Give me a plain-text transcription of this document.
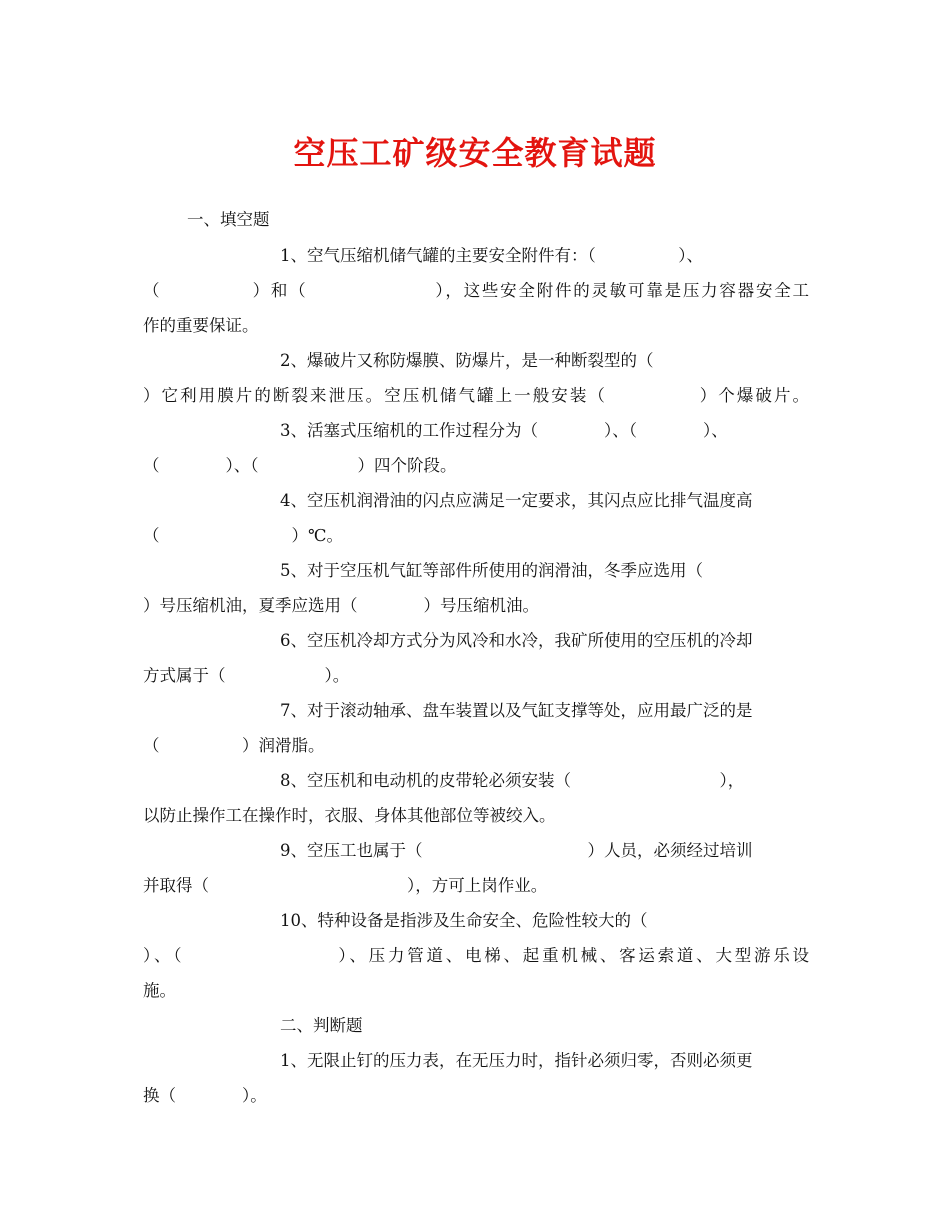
空压工矿级安全教育试题
一、填空题
1、空气压缩机储气罐的主要安全附件有：（　　　　　）、
（　　　　　）和（　　　　　　　），这些安全附件的灵敏可靠是压力容器安全工
作的重要保证。
2、爆破片又称防爆膜、防爆片，是一种断裂型的（
）它利用膜片的断裂来泄压。空压机储气罐上一般安装（　　　　　）个爆破片。
3、活塞式压缩机的工作过程分为（　　　　）、（　　　　）、
（　　　　）、（　　　　　　）四个阶段。
4、空压机润滑油的闪点应满足一定要求，其闪点应比排气温度高
（　　　　　　　　）℃。
5、对于空压机气缸等部件所使用的润滑油，冬季应选用（
）号压缩机油，夏季应选用（　　　　）号压缩机油。
6、空压机冷却方式分为风冷和水冷，我矿所使用的空压机的冷却
方式属于（　　　　　　）。
7、对于滚动轴承、盘车装置以及气缸支撑等处，应用最广泛的是
（　　　　　）润滑脂。
8、空压机和电动机的皮带轮必须安装（　　　　　　　　　），
以防止操作工在操作时，衣服、身体其他部位等被绞入。
9、空压工也属于（　　　　　　　　　　）人员，必须经过培训
并取得（　　　　　　　　　　　　），方可上岗作业。
10、特种设备是指涉及生命安全、危险性较大的（
）、（　　　　　　　　）、压力管道、电梯、起重机械、客运索道、大型游乐设
施。
二、判断题
1、无限止钉的压力表，在无压力时，指针必须归零，否则必须更
换（　　　　）。
